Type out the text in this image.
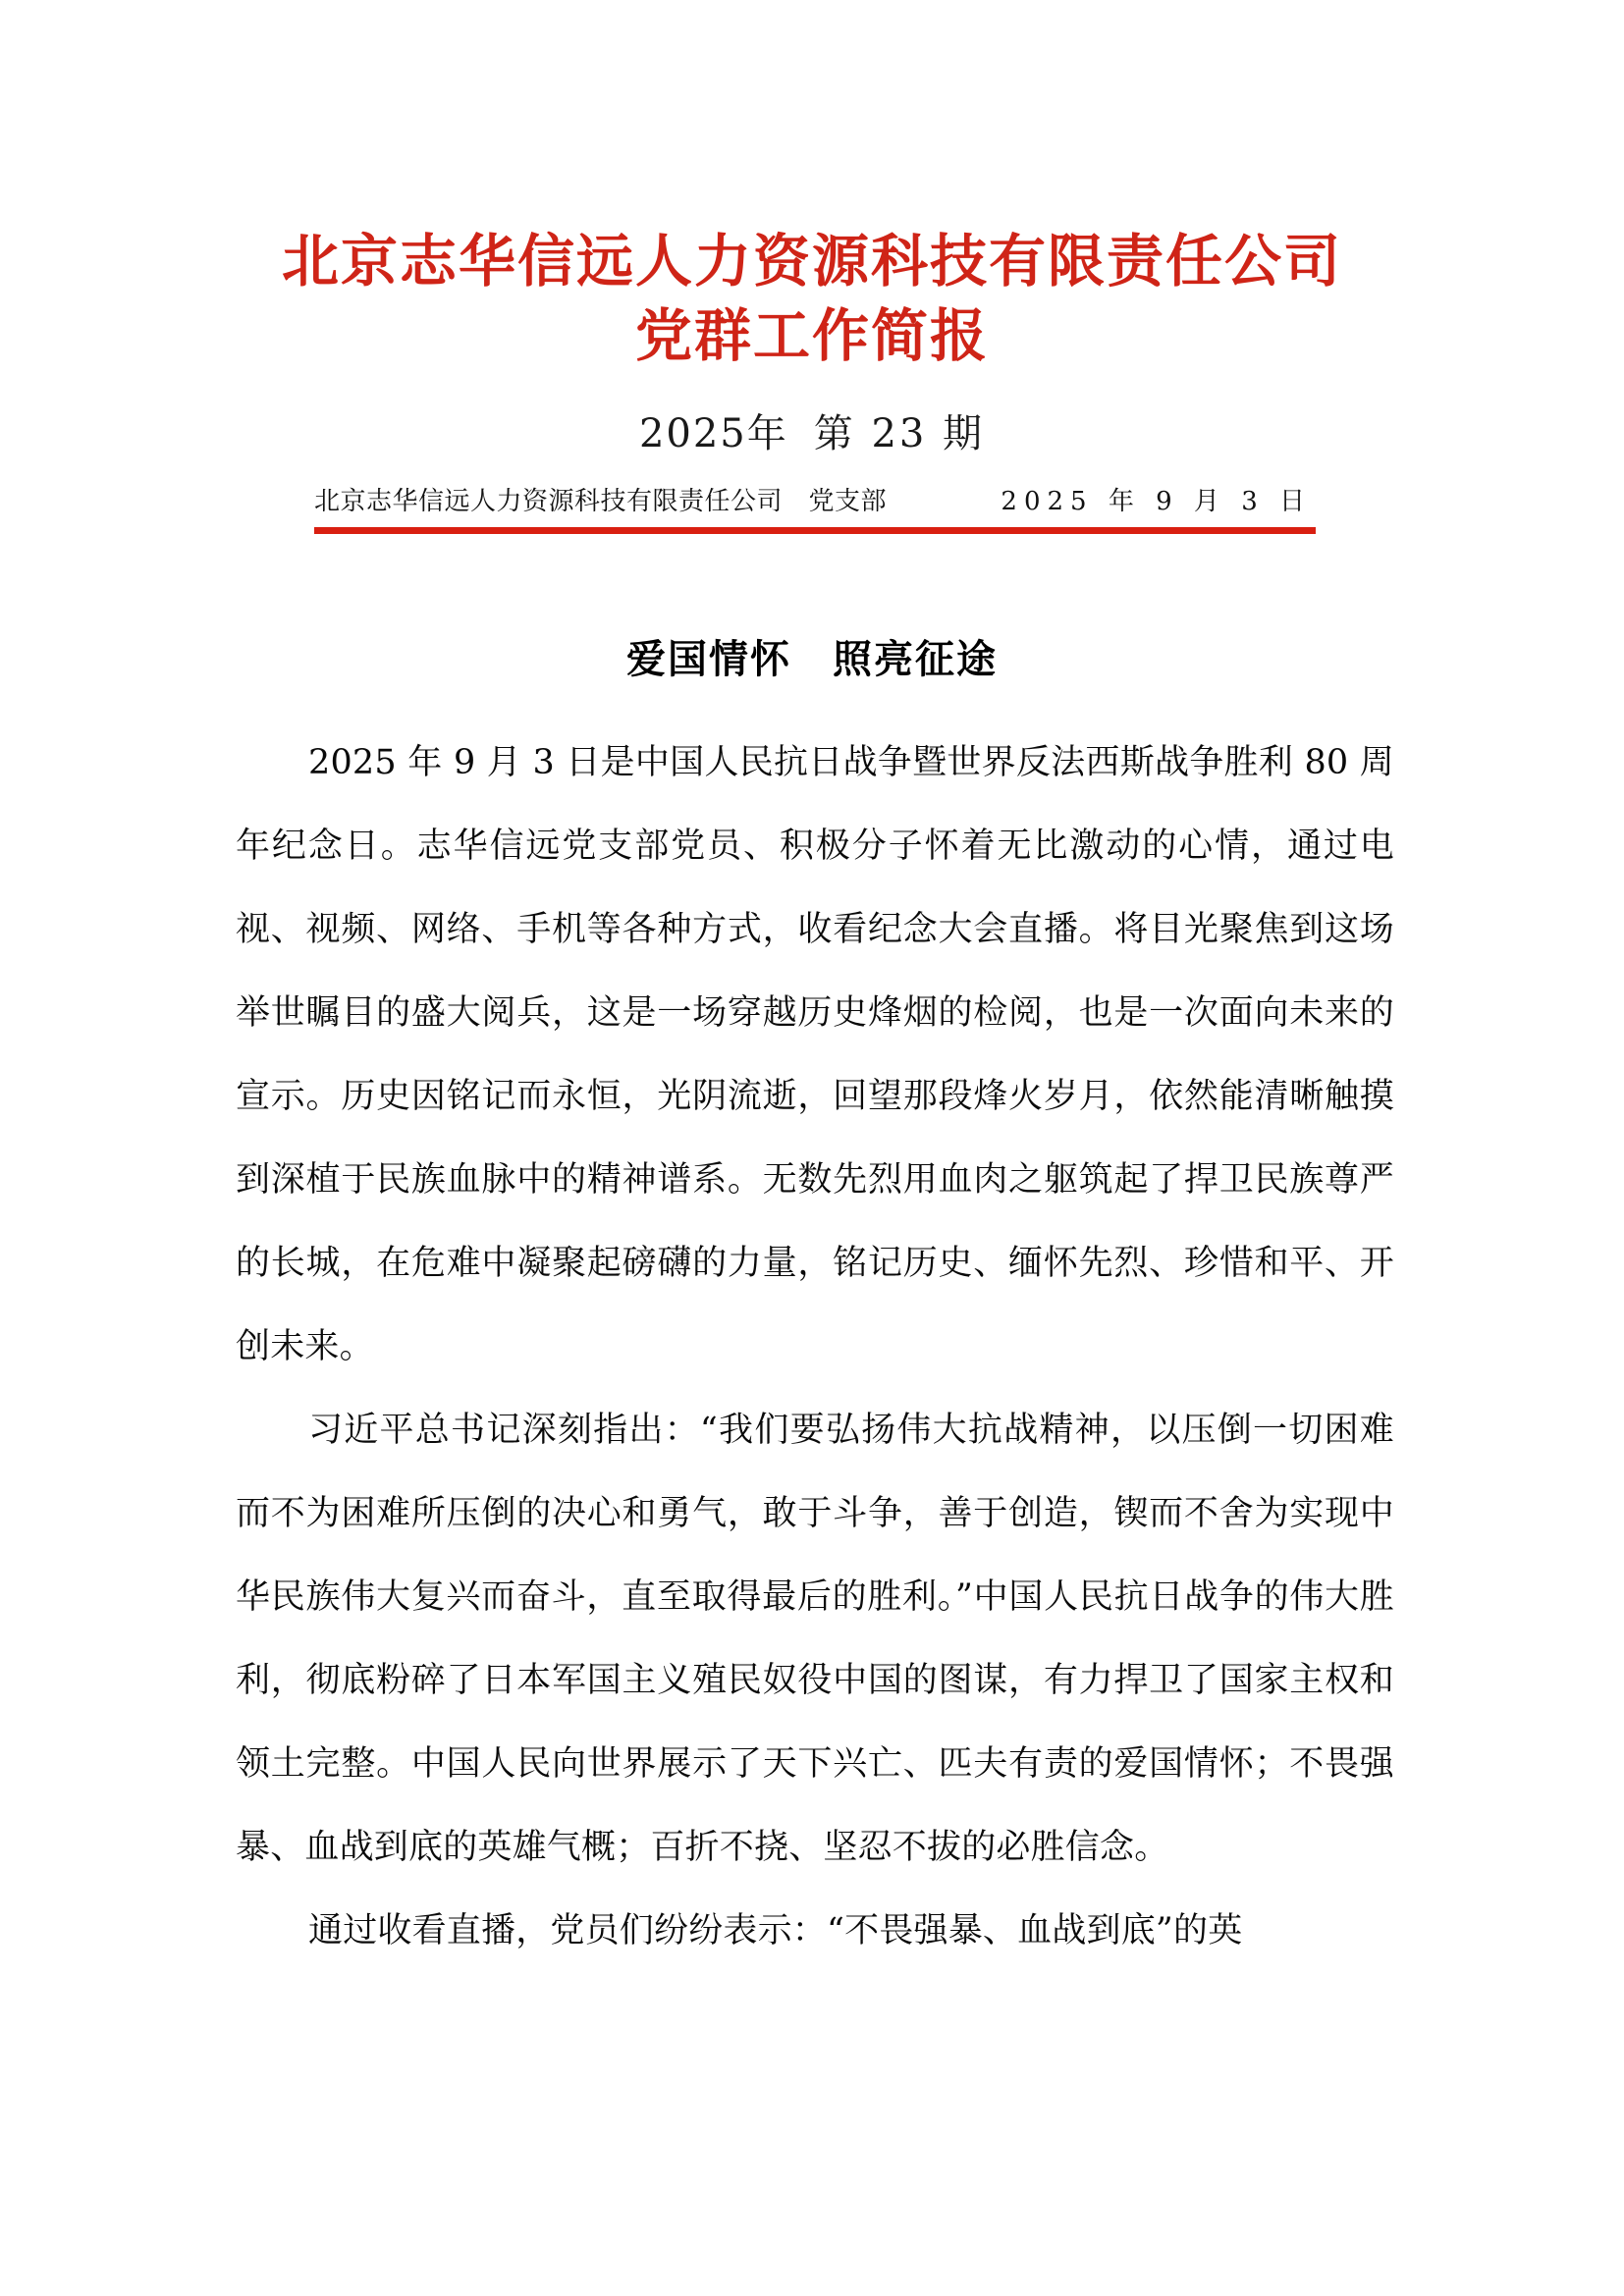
北京志华信远人力资源科技有限责任公司
党群工作简报
2025年 第 23 期
北京志华信远人力资源科技有限责任公司　党支部	2025 年 9 月 3 日
爱国情怀　照亮征途

2025 年 9 月 3 日是中国人民抗日战争暨世界反法西斯战争胜利 80 周年纪念日。志华信远党支部党员、积极分子怀着无比激动的心情，通过电视、视频、网络、手机等各种方式，收看纪念大会直播。将目光聚焦到这场举世瞩目的盛大阅兵，这是一场穿越历史烽烟的检阅，也是一次面向未来的宣示。历史因铭记而永恒，光阴流逝，回望那段烽火岁月，依然能清晰触摸到深植于民族血脉中的精神谱系。无数先烈用血肉之躯筑起了捍卫民族尊严的长城，在危难中凝聚起磅礴的力量，铭记历史、缅怀先烈、珍惜和平、开创未来。

习近平总书记深刻指出：“我们要弘扬伟大抗战精神，以压倒一切困难而不为困难所压倒的决心和勇气，敢于斗争，善于创造，锲而不舍为实现中华民族伟大复兴而奋斗，直至取得最后的胜利。”中国人民抗日战争的伟大胜利，彻底粉碎了日本军国主义殖民奴役中国的图谋，有力捍卫了国家主权和领土完整。中国人民向世界展示了天下兴亡、匹夫有责的爱国情怀；不畏强暴、血战到底的英雄气概；百折不挠、坚忍不拔的必胜信念。

通过收看直播，党员们纷纷表示：“不畏强暴、血战到底”的英
